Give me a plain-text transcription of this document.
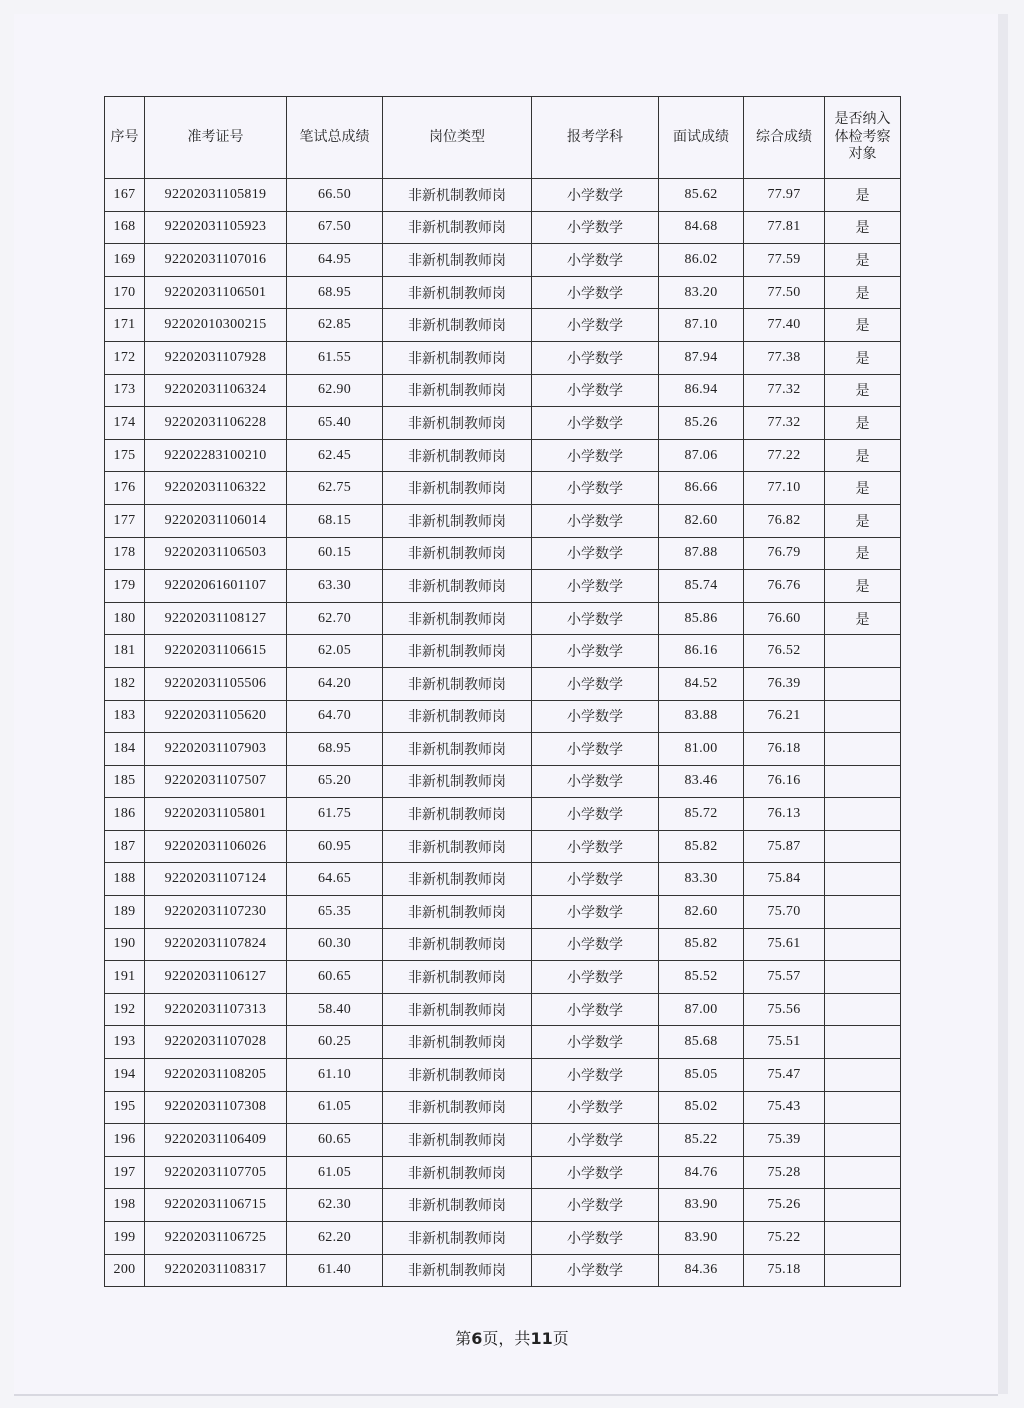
序号	准考证号	笔试总成绩	岗位类型	报考学科	面试成绩	综合成绩	是否纳入体检考察对象
167	92202031105819	66.50	非新机制教师岗	小学数学	85.62	77.97	是
168	92202031105923	67.50	非新机制教师岗	小学数学	84.68	77.81	是
169	92202031107016	64.95	非新机制教师岗	小学数学	86.02	77.59	是
170	92202031106501	68.95	非新机制教师岗	小学数学	83.20	77.50	是
171	92202010300215	62.85	非新机制教师岗	小学数学	87.10	77.40	是
172	92202031107928	61.55	非新机制教师岗	小学数学	87.94	77.38	是
173	92202031106324	62.90	非新机制教师岗	小学数学	86.94	77.32	是
174	92202031106228	65.40	非新机制教师岗	小学数学	85.26	77.32	是
175	92202283100210	62.45	非新机制教师岗	小学数学	87.06	77.22	是
176	92202031106322	62.75	非新机制教师岗	小学数学	86.66	77.10	是
177	92202031106014	68.15	非新机制教师岗	小学数学	82.60	76.82	是
178	92202031106503	60.15	非新机制教师岗	小学数学	87.88	76.79	是
179	92202061601107	63.30	非新机制教师岗	小学数学	85.74	76.76	是
180	92202031108127	62.70	非新机制教师岗	小学数学	85.86	76.60	是
181	92202031106615	62.05	非新机制教师岗	小学数学	86.16	76.52	
182	92202031105506	64.20	非新机制教师岗	小学数学	84.52	76.39	
183	92202031105620	64.70	非新机制教师岗	小学数学	83.88	76.21	
184	92202031107903	68.95	非新机制教师岗	小学数学	81.00	76.18	
185	92202031107507	65.20	非新机制教师岗	小学数学	83.46	76.16	
186	92202031105801	61.75	非新机制教师岗	小学数学	85.72	76.13	
187	92202031106026	60.95	非新机制教师岗	小学数学	85.82	75.87	
188	92202031107124	64.65	非新机制教师岗	小学数学	83.30	75.84	
189	92202031107230	65.35	非新机制教师岗	小学数学	82.60	75.70	
190	92202031107824	60.30	非新机制教师岗	小学数学	85.82	75.61	
191	92202031106127	60.65	非新机制教师岗	小学数学	85.52	75.57	
192	92202031107313	58.40	非新机制教师岗	小学数学	87.00	75.56	
193	92202031107028	60.25	非新机制教师岗	小学数学	85.68	75.51	
194	92202031108205	61.10	非新机制教师岗	小学数学	85.05	75.47	
195	92202031107308	61.05	非新机制教师岗	小学数学	85.02	75.43	
196	92202031106409	60.65	非新机制教师岗	小学数学	85.22	75.39	
197	92202031107705	61.05	非新机制教师岗	小学数学	84.76	75.28	
198	92202031106715	62.30	非新机制教师岗	小学数学	83.90	75.26	
199	92202031106725	62.20	非新机制教师岗	小学数学	83.90	75.22	
200	92202031108317	61.40	非新机制教师岗	小学数学	84.36	75.18	
第6页，共11页
